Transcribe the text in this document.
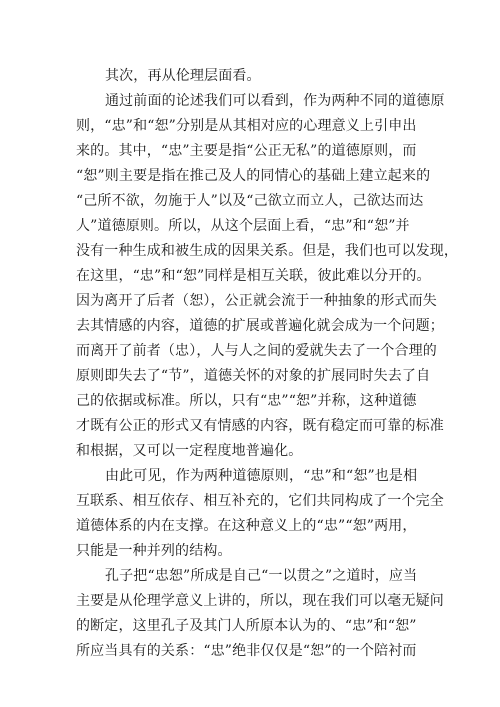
其次，再从伦理层面看。
通过前面的论述我们可以看到，作为两种不同的道德原
则，“忠”和“恕”分别是从其相对应的心理意义上引申出
来的。其中，“忠”主要是指“公正无私”的道德原则，而
“恕”则主要是指在推己及人的同情心的基础上建立起来的
“己所不欲，勿施于人”以及“己欲立而立人，己欲达而达
人”道德原则。所以，从这个层面上看，“忠”和“恕”并
没有一种生成和被生成的因果关系。但是，我们也可以发现，
在这里，“忠”和“恕”同样是相互关联，彼此难以分开的。
因为离开了后者（恕），公正就会流于一种抽象的形式而失
去其情感的内容，道德的扩展或普遍化就会成为一个问题；
而离开了前者（忠），人与人之间的爱就失去了一个合理的
原则即失去了“节”，道德关怀的对象的扩展同时失去了自
己的依据或标准。所以，只有“忠”“恕”并称，这种道德
才既有公正的形式又有情感的内容，既有稳定而可靠的标准
和根据，又可以一定程度地普遍化。
由此可见，作为两种道德原则，“忠”和“恕”也是相
互联系、相互依存、相互补充的，它们共同构成了一个完全
道德体系的内在支撑。在这种意义上的“忠”“恕”两用，
只能是一种并列的结构。
孔子把“忠恕”所成是自己“一以贯之”之道时，应当
主要是从伦理学意义上讲的，所以，现在我们可以毫无疑问
的断定，这里孔子及其门人所原本认为的、“忠”和“恕”
所应当具有的关系：“忠”绝非仅仅是“恕”的一个陪衬而
